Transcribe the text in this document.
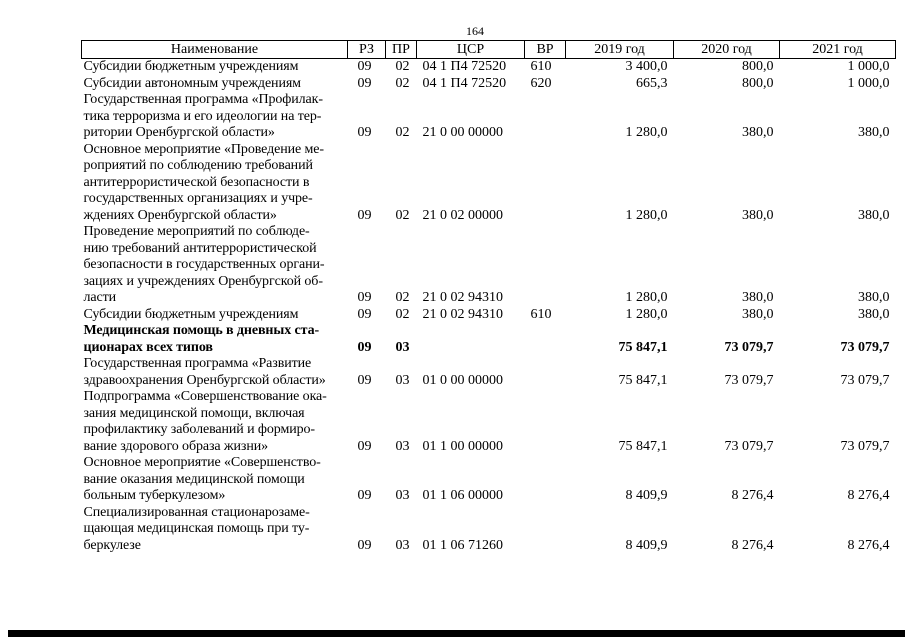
164
Наименование	РЗ	ПР	ЦСР	ВР	2019 год	2020 год	2021 год
Субсидии бюджетным учреждениям	09	02	04 1 П4 72520	610	3 400,0	800,0	1 000,0
Субсидии автономным учреждениям	09	02	04 1 П4 72520	620	665,3	800,0	1 000,0
Государственная программа «Профилак-
тика терроризма и его идеологии на тер-
ритории Оренбургской области»	09	02	21 0 00 00000		1 280,0	380,0	380,0
Основное мероприятие «Проведение ме-
роприятий по соблюдению требований
антитеррористической безопасности в
государственных организациях и учре-
ждениях Оренбургской области»	09	02	21 0 02 00000		1 280,0	380,0	380,0
Проведение мероприятий по соблюде-
нию требований антитеррористической
безопасности в государственных органи-
зациях и учреждениях Оренбургской об-
ласти	09	02	21 0 02 94310		1 280,0	380,0	380,0
Субсидии бюджетным учреждениям	09	02	21 0 02 94310	610	1 280,0	380,0	380,0
Медицинская помощь в дневных ста-
ционарах всех типов	09	03			75 847,1	73 079,7	73 079,7
Государственная программа «Развитие
здравоохранения Оренбургской области»	09	03	01 0 00 00000		75 847,1	73 079,7	73 079,7
Подпрограмма «Совершенствование ока-
зания медицинской помощи, включая
профилактику заболеваний и формиро-
вание здорового образа жизни»	09	03	01 1 00 00000		75 847,1	73 079,7	73 079,7
Основное мероприятие «Совершенство-
вание оказания медицинской помощи
больным туберкулезом»	09	03	01 1 06 00000		8 409,9	8 276,4	8 276,4
Специализированная стационарозаме-
щающая медицинская помощь при ту-
беркулезе	09	03	01 1 06 71260		8 409,9	8 276,4	8 276,4
